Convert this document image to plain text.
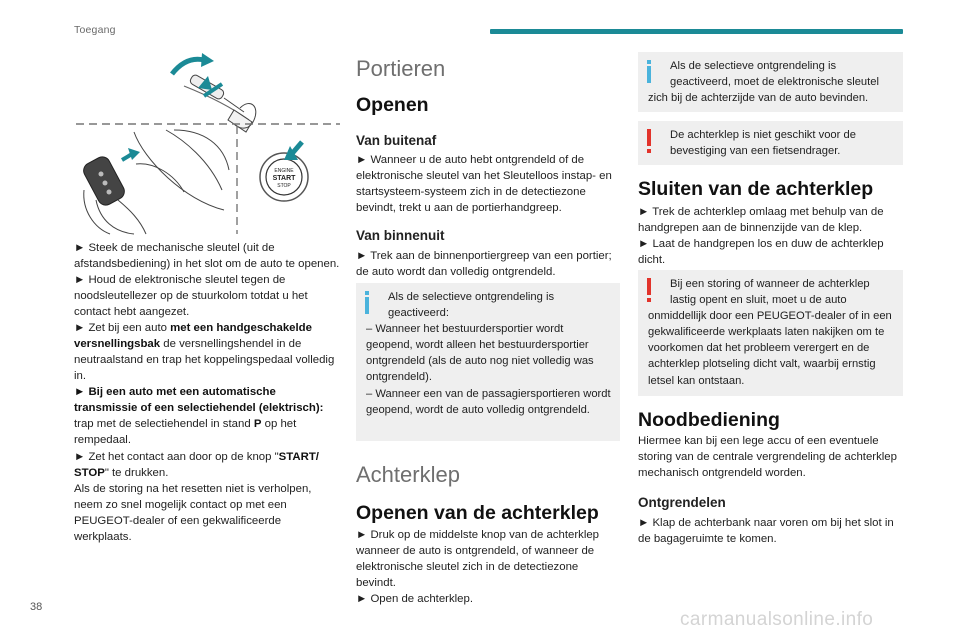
Toegang
ENGINE
START
STOP

► Steek de mechanische sleutel (uit de afstandsbediening) in het slot om de auto te openen.

► Houd de elektronische sleutel tegen de noodsleutellezer op de stuurkolom totdat u het contact hebt aangezet.

► Zet bij een auto met een handgeschakelde versnellingsbak de versnellingshendel in de neutraalstand en trap het koppelingspedaal volledig in.

► Bij een auto met een automatische transmissie of een selectiehendel (elektrisch): trap met de selectiehendel in stand P op het rempedaal.

► Zet het contact aan door op de knop "START/ STOP" te drukken.

Als de storing na het resetten niet is verholpen, neem zo snel mogelijk contact op met een PEUGEOT-dealer of een gekwalificeerde werkplaats.

Portieren
Openen
Van buitenaf

► Wanneer u de auto hebt ontgrendeld of de elektronische sleutel van het Sleutelloos instap- en startsysteem-systeem zich in de detectiezone bevindt, trekt u aan de portierhandgreep.

Van binnenuit

► Trek aan de binnenportiergreep van een portier; de auto wordt dan volledig ontgrendeld.

Als de selectieve ontgrendeling is geactiveerd:
– Wanneer het bestuurdersportier wordt geopend, wordt alleen het bestuurdersportier ontgrendeld (als de auto nog niet volledig was ontgrendeld).
– Wanneer een van de passagiersportieren wordt geopend, wordt de auto volledig ontgrendeld.
Achterklep
Openen van de achterklep

► Druk op de middelste knop van de achterklep wanneer de auto is ontgrendeld, of wanneer de elektronische sleutel zich in de detectiezone bevindt.
► Open de achterklep.

Als de selectieve ontgrendeling is geactiveerd, moet de elektronische sleutel
zich bij de achterzijde van de auto bevinden.
De achterklep is niet geschikt voor de bevestiging van een fietsendrager.
Sluiten van de achterklep

► Trek de achterklep omlaag met behulp van de handgrepen aan de binnenzijde van de klep.
► Laat de handgrepen los en duw de achterklep dicht.

Bij een storing of wanneer de achterklep lastig opent en sluit, moet u de auto
onmiddellijk door een PEUGEOT-dealer of in een gekwalificeerde werkplaats laten nakijken om te voorkomen dat het probleem verergert en de achterklep plotseling dicht valt, waarbij ernstig letsel kan ontstaan.
Noodbediening

Hiermee kan bij een lege accu of een eventuele storing van de centrale vergrendeling de achterklep mechanisch ontgrendeld worden.

Ontgrendelen

► Klap de achterbank naar voren om bij het slot in de bagageruimte te komen.

38
carmanualsonline.info
